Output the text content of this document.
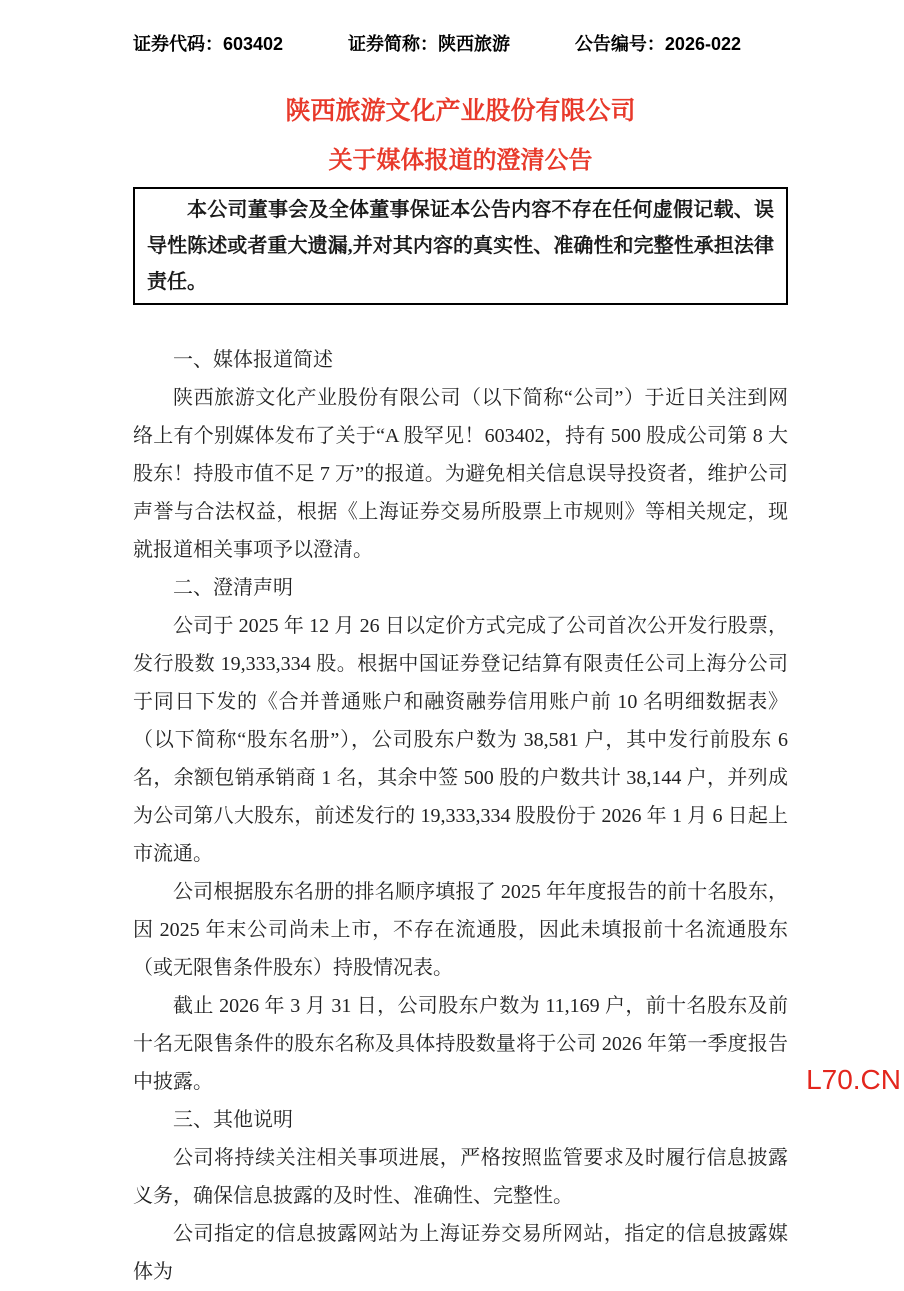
证券代码：603402	证券简称：陕西旅游	公告编号：2026-022
陕西旅游文化产业股份有限公司
关于媒体报道的澄清公告

本公司董事会及全体董事保证本公告内容不存在任何虚假记载、误导性陈述或者重大遗漏,并对其内容的真实性、准确性和完整性承担法律责任。

一、媒体报道简述

陕西旅游文化产业股份有限公司（以下简称“公司”）于近日关注到网络上有个别媒体发布了关于“A 股罕见！603402，持有 500 股成公司第 8 大股东！持股市值不足 7 万”的报道。为避免相关信息误导投资者，维护公司声誉与合法权益，根据《上海证券交易所股票上市规则》等相关规定，现就报道相关事项予以澄清。

二、澄清声明

公司于 2025 年 12 月 26 日以定价方式完成了公司首次公开发行股票，发行股数 19,333,334 股。根据中国证券登记结算有限责任公司上海分公司于同日下发的《合并普通账户和融资融券信用账户前 10 名明细数据表》（以下简称“股东名册”），公司股东户数为 38,581 户，其中发行前股东 6 名，余额包销承销商 1 名，其余中签 500 股的户数共计 38,144 户，并列成为公司第八大股东，前述发行的 19,333,334 股股份于 2026 年 1 月 6 日起上市流通。

公司根据股东名册的排名顺序填报了 2025 年年度报告的前十名股东，因 2025 年末公司尚未上市，不存在流通股，因此未填报前十名流通股东（或无限售条件股东）持股情况表。

截止 2026 年 3 月 31 日，公司股东户数为 11,169 户，前十名股东及前十名无限售条件的股东名称及具体持股数量将于公司 2026 年第一季度报告中披露。

三、其他说明

公司将持续关注相关事项进展，严格按照监管要求及时履行信息披露义务，确保信息披露的及时性、准确性、完整性。

公司指定的信息披露网站为上海证券交易所网站，指定的信息披露媒体为

L70.CN
